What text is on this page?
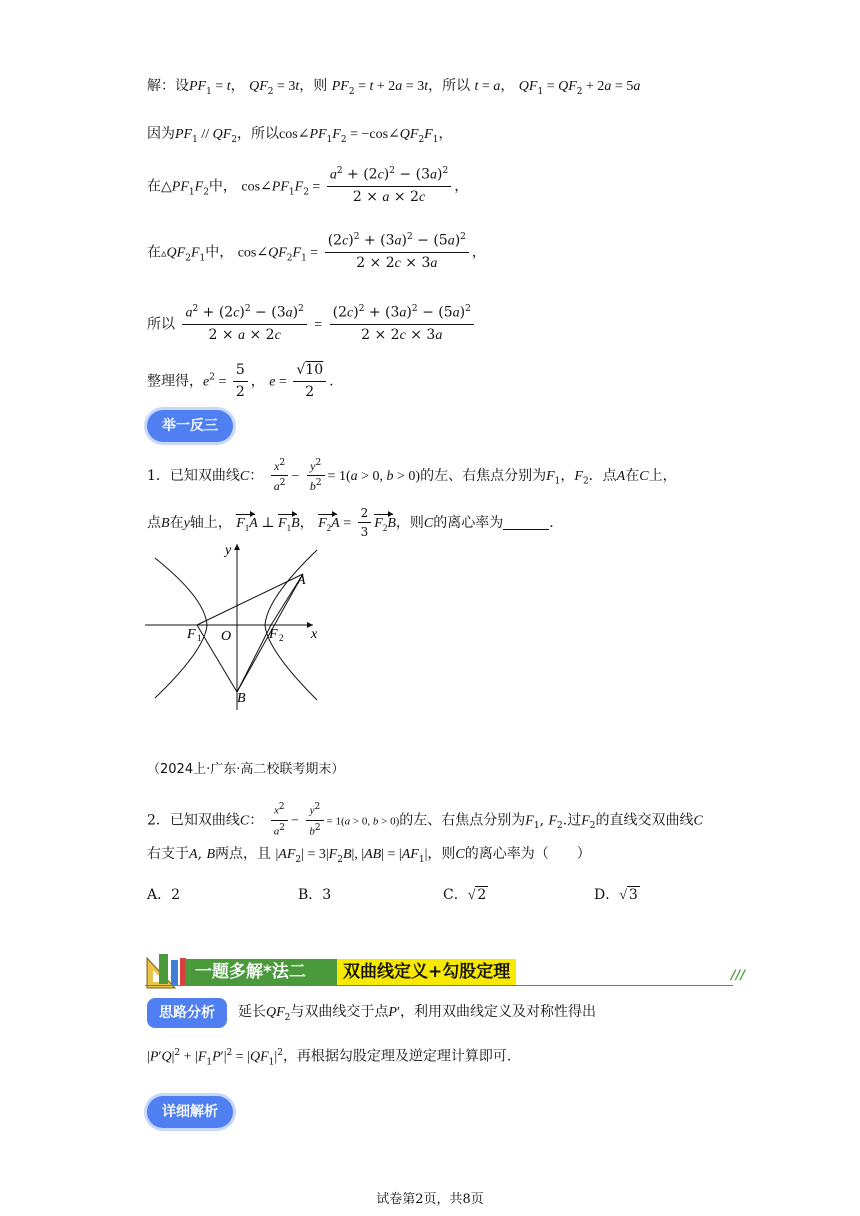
解：设$PF_1 = t$， $QF_2 = 3t$，则 $PF_2 = t + 2a = 3t$，所以 t = a， $QF_1 = QF_2 + 2a = 5a$
因为$PF_1 // QF_2$，所以$\cos\angle PF_1F_2$ = $-\cos\angle QF_2F_1$，
在$\triangle PF_1F_2$中， $\cos\angle PF_1F_2 = \frac{a^2 + (2c)^2 - (3a)^2}{2 \times a \times 2c}$ ，
在$▵QF_2F_1$中， $\cos\angle QF_2F_1 = \frac{(2c)^2 + (3a)^2 - (5a)^2}{2 \times 2c \times 3a}$ ，
所以 $\frac{a^2 + (2c)^2 - (3a)^2}{2 \times a \times 2c} = \frac{(2c)^2 + (3a)^2 - (5a)^2}{2 \times 2c \times 3a}$
整理得，$e^2 = \frac{5}{2}$ ， $e = \frac{√10}{2}$ .
举一反三
1．已知双曲线C： $\frac{x^2}{a^2} - \frac{y^2}{b^2} = 1(a > 0$, b > 0)的左、右焦点分别为$F_1$，$F_2$．点A在C上，
点B在y轴上， $F_1A$ ⊥ $F_1B$， $F_2A = \frac{2}{3} F_2B$，则C的离心率为	.
y
x
O
A
B
F 1	F 2
（2024上·广东·高二校联考期末）
2．已知双曲线C： $\frac{x^2}{a^2} - \frac{y^2}{b^2} = 1(a > 0$, b > 0)的左、右焦点分别为$F_1$, $F_2$.过$F_2$的直线交双曲线C
右支于A, B两点，且 $|AF_2| = 3|F_2B|$, $|AB| = |AF_1|$，则C的离心率为（　　）
A．2	B．3	C．√ 2	D．√ 3
一题多解*法二	双曲线定义+勾股定理	///
思路分析	延长$QF_2$与双曲线交于点P′，利用双曲线定义及对称性得出
$|P'Q|^2 + |F_1P'|^2 = |QF_1|^2$，再根据勾股定理及逆定理计算即可.
详细解析
试卷第2页，共8页
